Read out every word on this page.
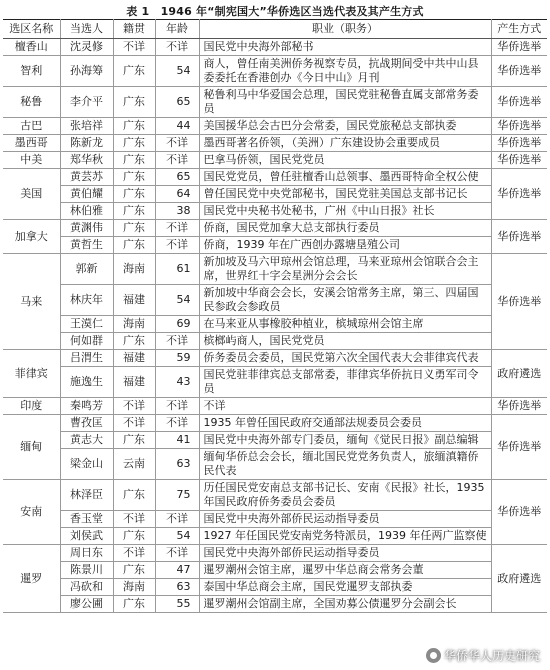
表 1　1946 年“制宪国大”华侨选区当选代表及其产生方式
选区名称	当选人	籍贯	年龄	职业（职务）	产生方式
檀香山	沈灵修	不详	不详	国民党中央海外部秘书	华侨选举
智利	孙海筹	广东	54	商人，曾任南美洲侨务视察专员，抗战期间受中共中山县委委托在香港创办《今日中山》月刊	华侨选举
秘鲁	李介平	广东	65	秘鲁利马中华爱国会总理，国民党驻秘鲁直属支部常务委员	华侨选举
古巴	张培祥	广东	44	美国援华总会古巴分会常委，国民党旅秘总支部执委	华侨选举
墨西哥	陈新龙	广东	不详	墨西哥著名侨领，（美洲）广东建设协会重要成员	华侨选举
中美	郑华秋	广东	不详	巴拿马侨领，国民党党员	华侨选举
美国	黄芸苏	广东	65	国民党党员，曾任驻檀香山总领事、墨西哥特命全权公使	华侨选举
	黄伯耀	广东	64	曾任国民党中央党部秘书，国民党驻美国总支部书记长	
	林伯雅	广东	38	国民党中央秘书处秘书，广州《中山日报》社长	
加拿大	黄渊伟	广东	不详	侨商，国民党加拿大总支部执行委员	华侨选举
	黄哲生	广东	不详	侨商，1939 年在广西创办露塘垦殖公司	
马来	郭新	海南	61	新加坡及马六甲琼州会馆总理，马来亚琼州会馆联合会主席，世界红十字会星洲分会会长	华侨选举
	林庆年	福建	54	新加坡中华商会会长，安溪会馆常务主席，第三、四届国民参政会参政员	
	王漠仁	海南	69	在马来亚从事橡胶种植业，槟城琼州会馆主席	
	何如群	广东	不详	槟榔屿商人，国民党党员	
菲律宾	吕渭生	福建	59	侨务委员会委员，国民党第六次全国代表大会菲律宾代表	政府遴选
	施逸生	福建	43	国民党驻菲律宾总支部常委，菲律宾华侨抗日义勇军司令员	
印度	秦鸣芳	不详	不详	不详	华侨选举
缅甸	曹孜匡	不详	不详	1935 年曾任国民政府交通部法规委员会委员	华侨选举
	黄志大	广东	41	国民党中央海外部专门委员，缅甸《觉民日报》副总编辑	
	梁金山	云南	63	缅甸华侨总会会长，缅北国民党党务负责人，旅缅滇籍侨民代表	
安南	林泽臣	广东	75	历任国民党安南总支部书记长、安南《民报》社长，1935 年国民政府侨务委员会委员	华侨选举
	香玉堂	不详	不详	国民党中央海外部侨民运动指导委员	
	刘侯武	广东	54	1927 年任国民党安南党务特派员，1939 年任两广监察使	
暹罗	周日东	不详	不详	国民党中央海外部侨民运动指导委员	政府遴选
	陈景川	广东	47	暹罗潮州会馆主席，暹罗中华总商会常务会董	
	冯砍和	海南	63	泰国中华总商会主席，国民党暹罗支部执委	
	廖公圃	广东	55	暹罗潮州会馆副主席，全国劝募公债暹罗分会副会长	
华侨华人历史研究
